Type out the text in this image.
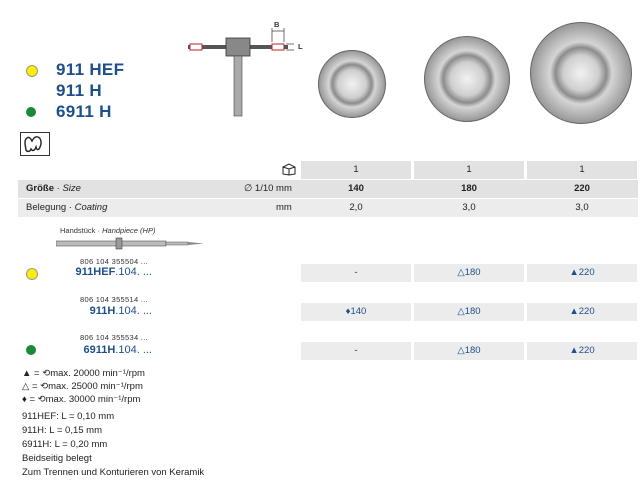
911 HEF
911 H
6911 H
B
L
1	1	1
Größe · Size	∅ 1/10 mm	140	180	220
Belegung · Coating	mm	2,0	3,0	3,0
Handstück · Handpiece (HP)
806 104 355504 ...
911HEF.104. ...	-	△180	▲220
806 104 355514 ...
911H.104. ...	♦140	△180	▲220
806 104 355534 ...
6911H.104. ...	-	△180	▲220
▲ = ⟲max. 20000 min⁻¹/rpm
△ = ⟲max. 25000 min⁻¹/rpm
♦ = ⟲max. 30000 min⁻¹/rpm
911HEF: L = 0,10 mm
911H: L = 0,15 mm
6911H: L = 0,20 mm
Beidseitig belegt
Zum Trennen und Konturieren von Keramik
